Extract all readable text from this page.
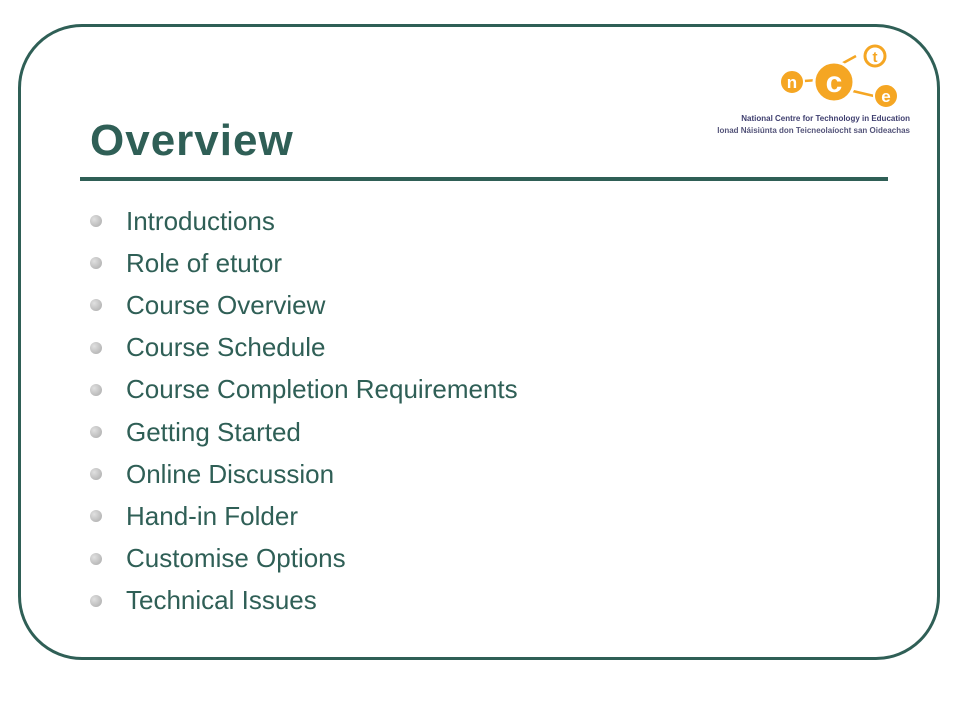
n c
t
e
National Centre for Technology in Education
Ionad Náisiúnta don Teicneolaíocht san Oideachas
Overview
Introductions
Role of etutor
Course Overview
Course Schedule
Course Completion Requirements
Getting Started
Online Discussion
Hand-in Folder
Customise Options
Technical Issues
